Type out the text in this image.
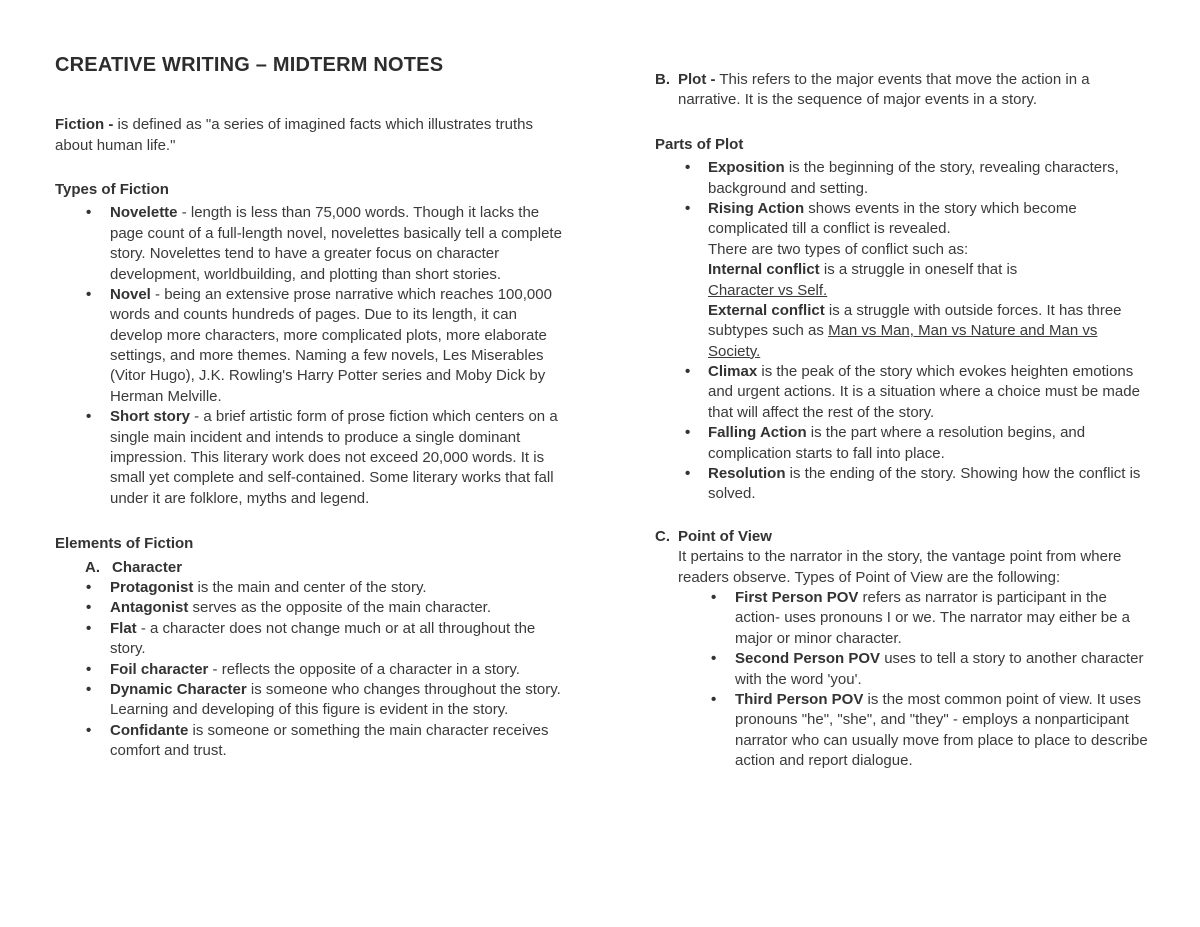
CREATIVE WRITING – MIDTERM NOTES

Fiction - is defined as "a series of imagined facts which illustrates truths about human life."

Types of Fiction
• Novelette - length is less than 75,000 words. Though it lacks the page count of a full-length novel, novelettes basically tell a complete story. Novelettes tend to have a greater focus on character development, worldbuilding, and plotting than short stories.
• Novel - being an extensive prose narrative which reaches 100,000 words and counts hundreds of pages. Due to its length, it can develop more characters, more complicated plots, more elaborate settings, and more themes. Naming a few novels, Les Miserables (Vitor Hugo), J.K. Rowling's Harry Potter series and Moby Dick by Herman Melville.
• Short story - a brief artistic form of prose fiction which centers on a single main incident and intends to produce a single dominant impression. This literary work does not exceed 20,000 words. It is small yet complete and self-contained. Some literary works that fall under it are folklore, myths and legend.
Elements of Fiction
A. Character
• Protagonist is the main and center of the story.
• Antagonist serves as the opposite of the main character.
• Flat - a character does not change much or at all throughout the story.
• Foil character - reflects the opposite of a character in a story.
• Dynamic Character is someone who changes throughout the story. Learning and developing of this figure is evident in the story.
• Confidante is someone or something the main character receives comfort and trust.
B. Plot - This refers to the major events that move the action in a narrative. It is the sequence of major events in a story.
Parts of Plot
• Exposition is the beginning of the story, revealing characters, background and setting.
• Rising Action shows events in the story which become complicated till a conflict is revealed.
There are two types of conflict such as:
Internal conflict is a struggle in oneself that is
Character vs Self.
External conflict is a struggle with outside forces. It has three subtypes such as Man vs Man, Man vs Nature and Man vs Society.
• Climax is the peak of the story which evokes heighten emotions and urgent actions. It is a situation where a choice must be made that will affect the rest of the story.
• Falling Action is the part where a resolution begins, and complication starts to fall into place.
• Resolution is the ending of the story. Showing how the conflict is solved.
C. Point of View
It pertains to the narrator in the story, the vantage point from where readers observe. Types of Point of View are the following:
• First Person POV refers as narrator is participant in the action- uses pronouns I or we. The narrator may either be a major or minor character.
• Second Person POV uses to tell a story to another character with the word 'you'.
• Third Person POV is the most common point of view. It uses pronouns "he", "she", and "they" - employs a nonparticipant narrator who can usually move from place to place to describe action and report dialogue.
